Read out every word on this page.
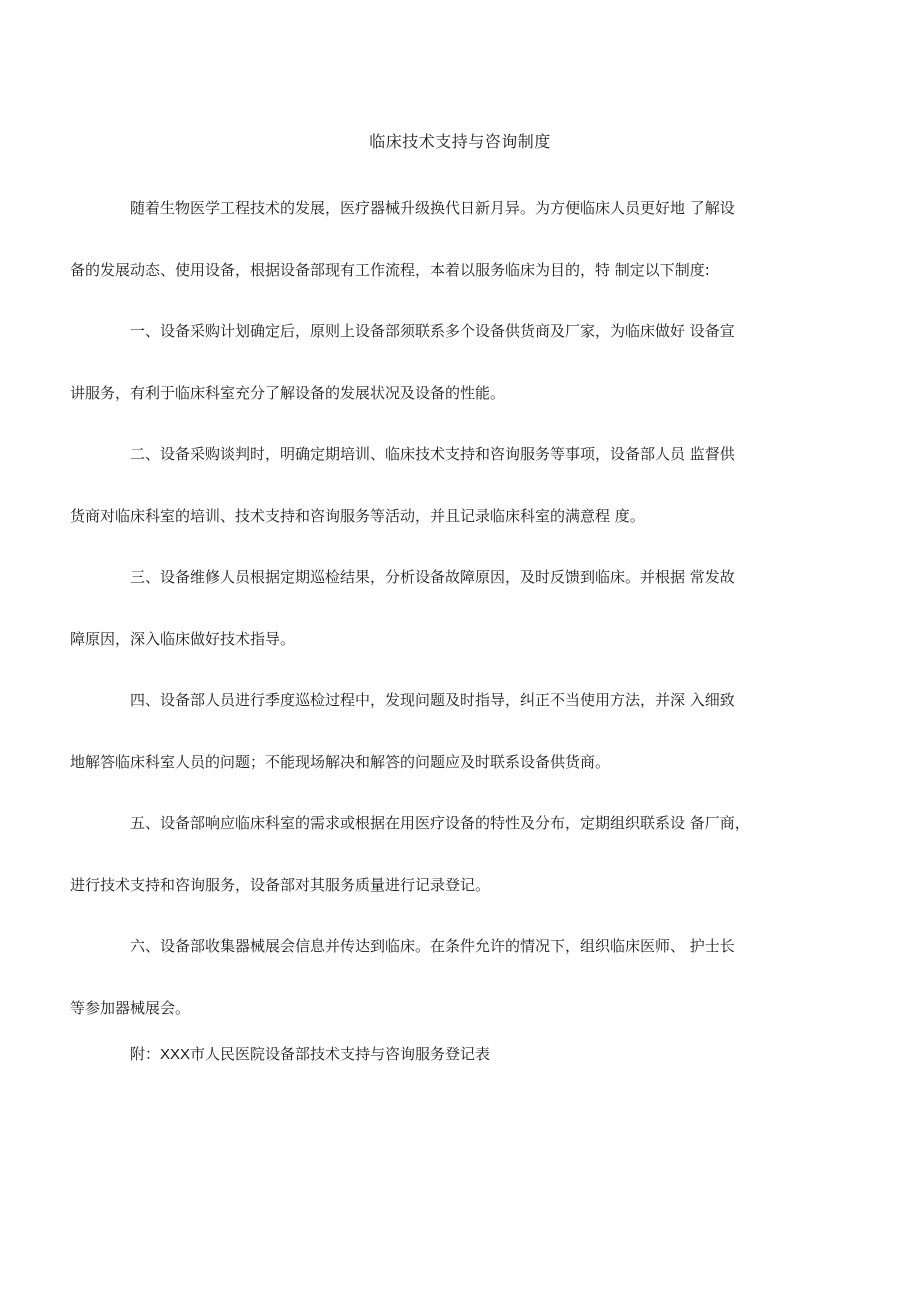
临床技术支持与咨询制度

随着生物医学工程技术的发展，医疗器械升级换代日新月异。为方便临床人员更好地 了解设
备的发展动态、使用设备，根据设备部现有工作流程，本着以服务临床为目的，特 制定以下制度:

一、设备采购计划确定后，原则上设备部须联系多个设备供货商及厂家，为临床做好 设备宣
讲服务，有利于临床科室充分了解设备的发展状况及设备的性能。

二、设备采购谈判时，明确定期培训、临床技术支持和咨询服务等事项，设备部人员 监督供
货商对临床科室的培训、技术支持和咨询服务等活动，并且记录临床科室的满意程 度。

三、设备维修人员根据定期巡检结果，分析设备故障原因，及时反馈到临床。并根据 常发故
障原因，深入临床做好技术指导。

四、设备部人员进行季度巡检过程中，发现问题及时指导，纠正不当使用方法，并深 入细致
地解答临床科室人员的问题；不能现场解决和解答的问题应及时联系设备供货商。

五、设备部响应临床科室的需求或根据在用医疗设备的特性及分布，定期组织联系设 备厂商，
进行技术支持和咨询服务，设备部对其服务质量进行记录登记。

六、设备部收集器械展会信息并传达到临床。在条件允许的情况下，组织临床医师、 护士长
等参加器械展会。

附：XXX市人民医院设备部技术支持与咨询服务登记表
